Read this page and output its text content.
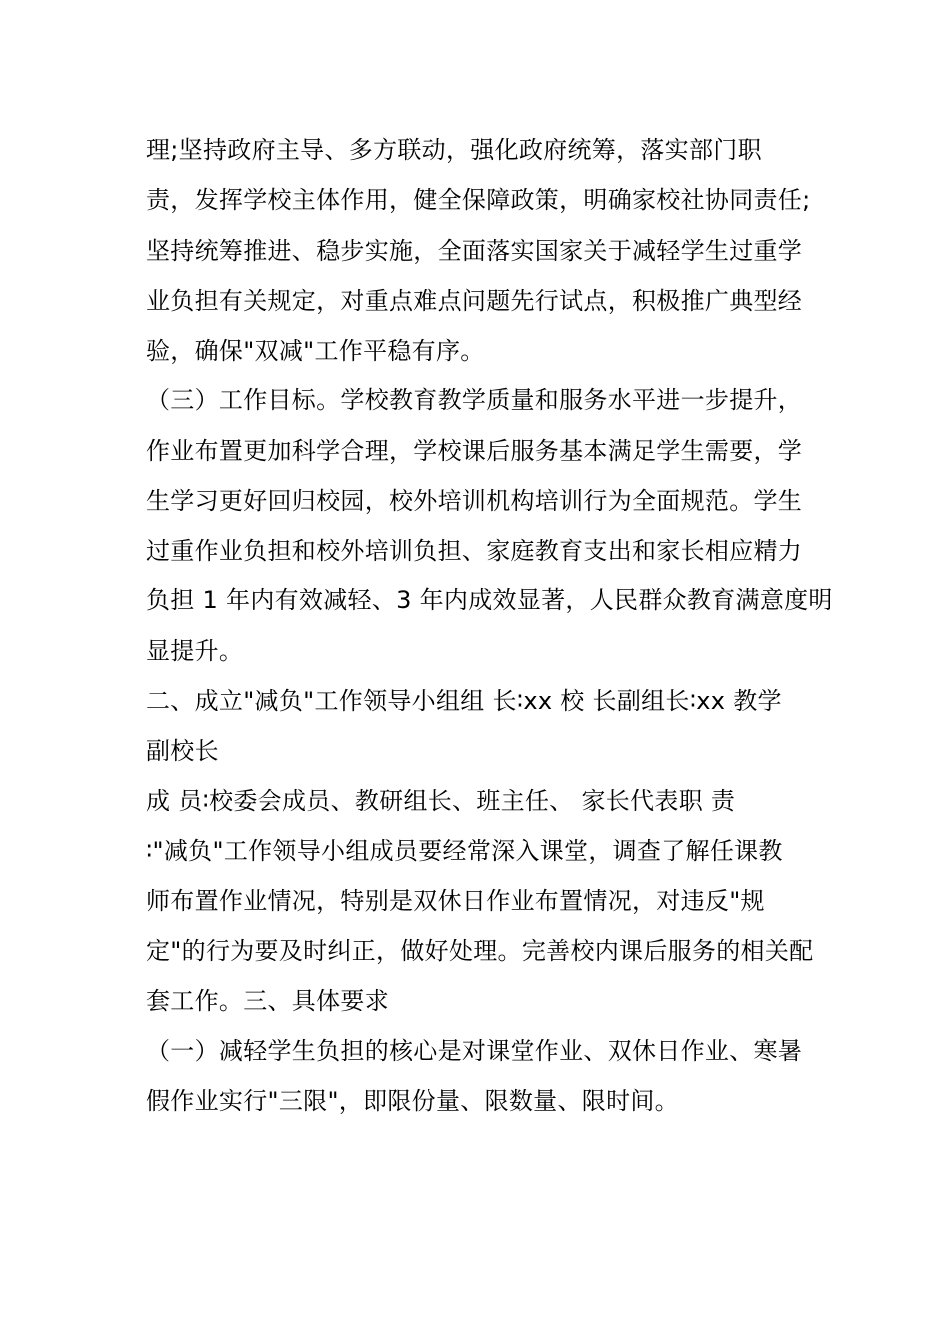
理;坚持政府主导、多方联动，强化政府统筹，落实部门职
责，发挥学校主体作用，健全保障政策，明确家校社协同责任;
坚持统筹推进、稳步实施，全面落实国家关于减轻学生过重学
业负担有关规定，对重点难点问题先行试点，积极推广典型经
验，确保"双减"工作平稳有序。
（三）工作目标。学校教育教学质量和服务水平进一步提升，
作业布置更加科学合理，学校课后服务基本满足学生需要，学
生学习更好回归校园，校外培训机构培训行为全面规范。学生
过重作业负担和校外培训负担、家庭教育支出和家长相应精力
负担 1 年内有效减轻、3 年内成效显著，人民群众教育满意度明
显提升。
二、成立"减负"工作领导小组组 长∶xx 校 长副组长∶xx 教学
副校长
成 员∶校委会成员、教研组长、班主任、 家长代表职 责
∶"减负"工作领导小组成员要经常深入课堂，调查了解任课教
师布置作业情况，特别是双休日作业布置情况，对违反"规
定"的行为要及时纠正，做好处理。完善校内课后服务的相关配
套工作。三、具体要求
（一）减轻学生负担的核心是对课堂作业、双休日作业、寒暑
假作业实行"三限"，即限份量、限数量、限时间。
